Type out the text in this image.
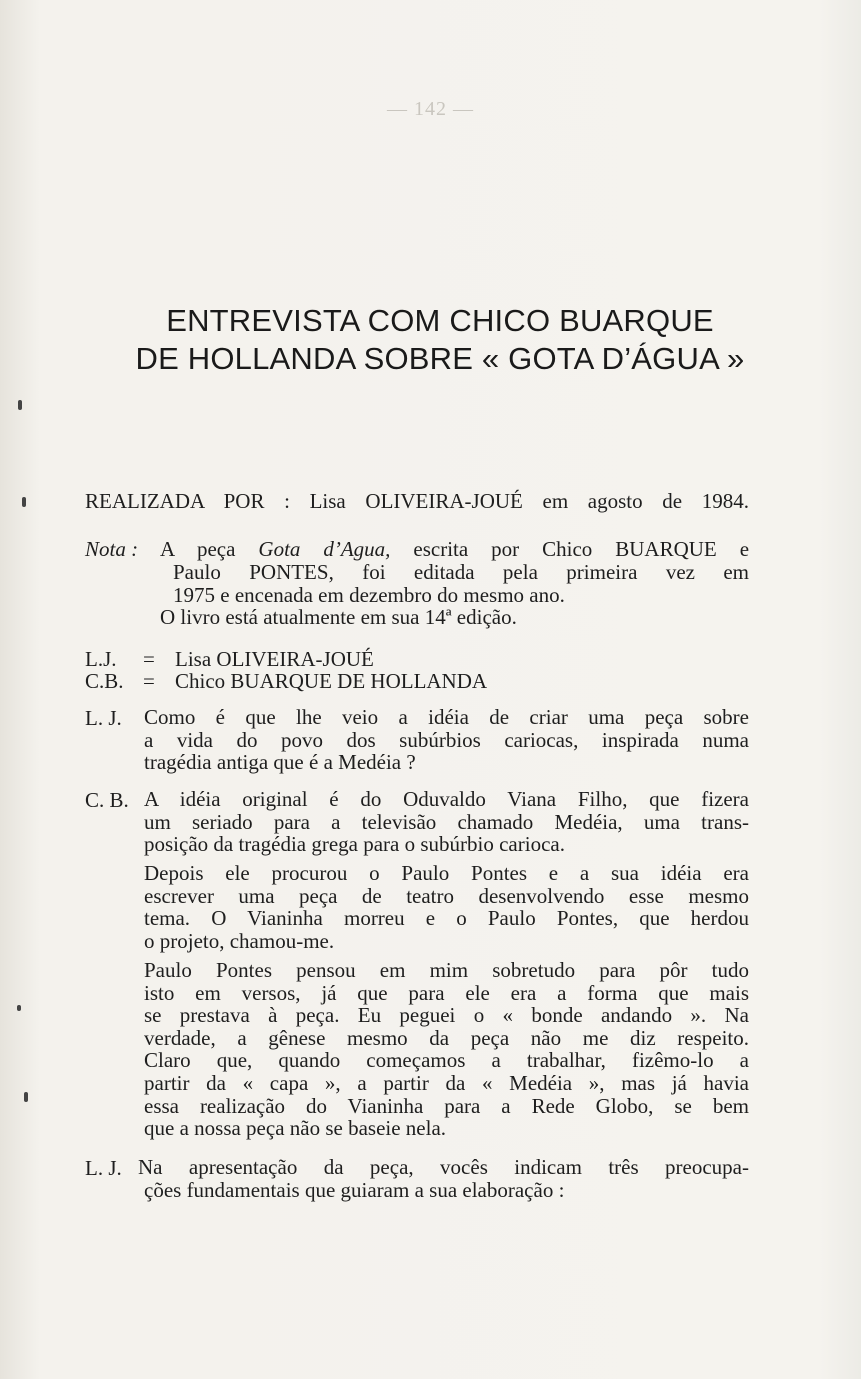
— 142 —
ENTREVISTA COM CHICO BUARQUE
DE HOLLANDA SOBRE « GOTA D’ÁGUA »
REALIZADA POR : Lisa OLIVEIRA-JOUÉ em agosto de 1984.
Nota : A peça Gota d’Agua, escrita por Chico BUARQUE e
Paulo PONTES, foi editada pela primeira vez em
1975 e encenada em dezembro do mesmo ano.
O livro está atualmente em sua 14ª edição.
L.J. = Lisa OLIVEIRA-JOUÉ
C.B. = Chico BUARQUE DE HOLLANDA
L. J. Como é que lhe veio a idéia de criar uma peça sobre
a vida do povo dos subúrbios cariocas, inspirada numa
tragédia antiga que é a Medéia ?
C. B. A idéia original é do Oduvaldo Viana Filho, que fizera
um seriado para a televisão chamado Medéia, uma trans-
posição da tragédia grega para o subúrbio carioca.
Depois ele procurou o Paulo Pontes e a sua idéia era
escrever uma peça de teatro desenvolvendo esse mesmo
tema. O Vianinha morreu e o Paulo Pontes, que herdou
o projeto, chamou-me.
Paulo Pontes pensou em mim sobretudo para pôr tudo
isto em versos, já que para ele era a forma que mais
se prestava à peça. Eu peguei o « bonde andando ». Na
verdade, a gênese mesmo da peça não me diz respeito.
Claro que, quando começamos a trabalhar, fizêmo-lo a
partir da « capa », a partir da « Medéia », mas já havia
essa realização do Vianinha para a Rede Globo, se bem
que a nossa peça não se baseie nela.
L. J. Na apresentação da peça, vocês indicam três preocupa-
ções fundamentais que guiaram a sua elaboração :
